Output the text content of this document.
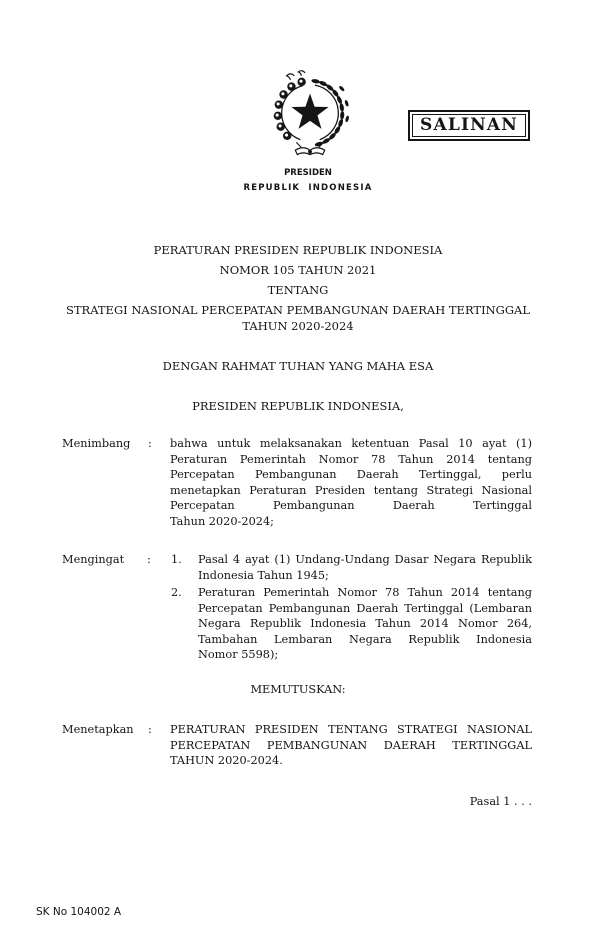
SALINAN
PRESIDEN
REPUBLIK INDONESIA
PERATURAN PRESIDEN REPUBLIK INDONESIA
NOMOR 105 TAHUN 2021
TENTANG
STRATEGI NASIONAL PERCEPATAN PEMBANGUNAN DAERAH TERTINGGAL
TAHUN 2020-2024
DENGAN RAHMAT TUHAN YANG MAHA ESA
PRESIDEN REPUBLIK INDONESIA,
Menimbang : bahwa untuk melaksanakan ketentuan Pasal 10 ayat (1)
Peraturan Pemerintah Nomor 78 Tahun 2014 tentang
Percepatan Pembangunan Daerah Tertinggal, perlu
menetapkan Peraturan Presiden tentang Strategi Nasional
Percepatan Pembangunan Daerah Tertinggal
Tahun 2020-2024;
Mengingat : 1. Pasal 4 ayat (1) Undang-Undang Dasar Negara Republik
Indonesia Tahun 1945;
2. Peraturan Pemerintah Nomor 78 Tahun 2014 tentang
Percepatan Pembangunan Daerah Tertinggal (Lembaran
Negara Republik Indonesia Tahun 2014 Nomor 264,
Tambahan Lembaran Negara Republik Indonesia
Nomor 5598);
MEMUTUSKAN:
Menetapkan : PERATURAN PRESIDEN TENTANG STRATEGI NASIONAL
PERCEPATAN PEMBANGUNAN DAERAH TERTINGGAL
TAHUN 2020-2024.
Pasal 1 . . .
SK No 104002 A
